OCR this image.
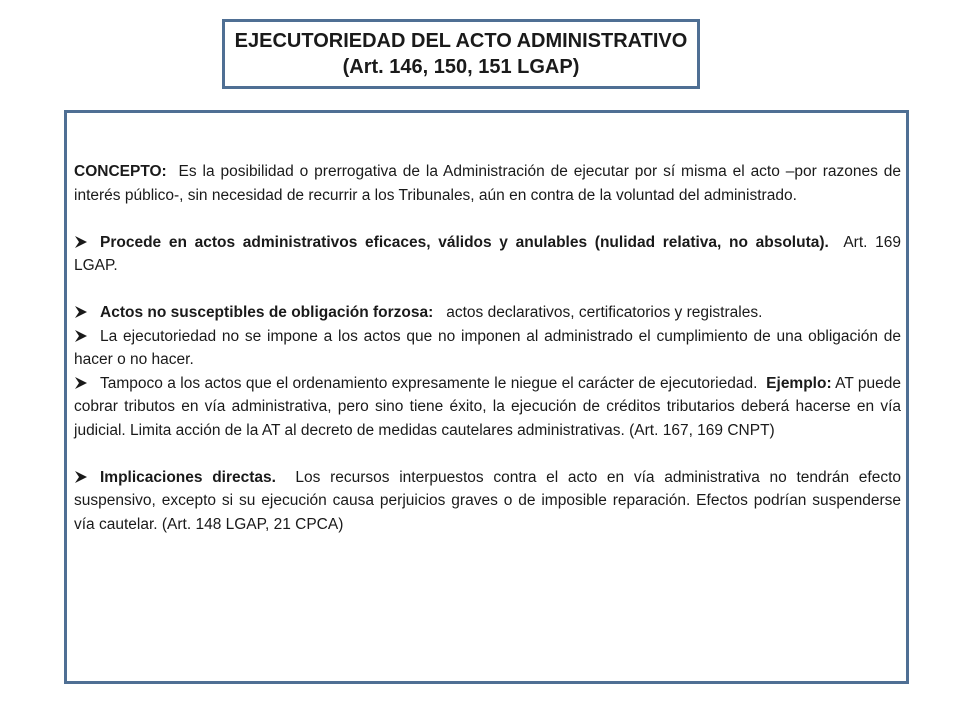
EJECUTORIEDAD DEL ACTO ADMINISTRATIVO
(Art. 146, 150, 151 LGAP)

CONCEPTO: Es la posibilidad o prerrogativa de la Administración de ejecutar por sí misma el acto –por razones de interés público-, sin necesidad de recurrir a los Tribunales, aún en contra de la voluntad del administrado.

Procede en actos administrativos eficaces, válidos y anulables (nulidad relativa, no absoluta). Art. 169 LGAP.

Actos no susceptibles de obligación forzosa: actos declarativos, certificatorios y registrales.

La ejecutoriedad no se impone a los actos que no imponen al administrado el cumplimiento de una obligación de hacer o no hacer.

Tampoco a los actos que el ordenamiento expresamente le niegue el carácter de ejecutoriedad. Ejemplo: AT puede cobrar tributos en vía administrativa, pero sino tiene éxito, la ejecución de créditos tributarios deberá hacerse en vía judicial. Limita acción de la AT al decreto de medidas cautelares administrativas. (Art. 167, 169 CNPT)

Implicaciones directas. Los recursos interpuestos contra el acto en vía administrativa no tendrán efecto suspensivo, excepto si su ejecución causa perjuicios graves o de imposible reparación. Efectos podrían suspenderse vía cautelar. (Art. 148 LGAP, 21 CPCA)
